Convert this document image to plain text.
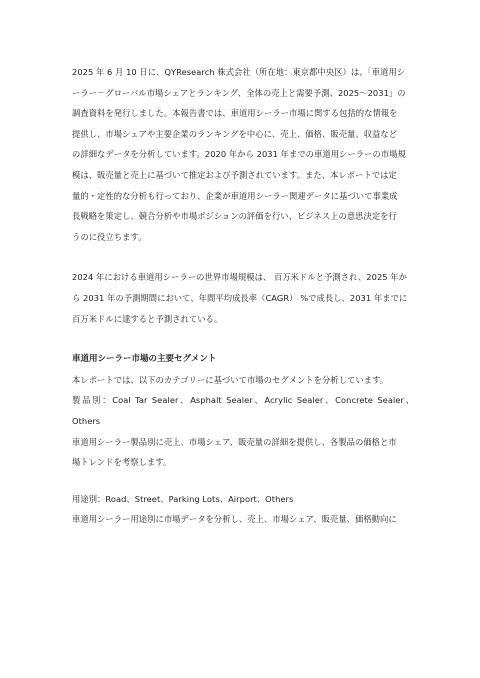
2025 年 6 月 10 日に、QYResearch 株式会社（所在地：東京都中央区）は、「車道用シ

ーラー－グローバル市場シェアとランキング、全体の売上と需要予測、2025～2031」の

調査資料を発行しました。本報告書では、車道用シーラー市場に関する包括的な情報を

提供し、市場シェアや主要企業のランキングを中心に、売上、価格、販売量、収益など

の詳細なデータを分析しています。2020 年から 2031 年までの車道用シーラーの市場規

模は、販売量と売上に基づいて推定および予測されています。また、本レポートでは定

量的・定性的な分析も行っており、企業が車道用シーラー関連データに基づいて事業成

長戦略を策定し、競合分析や市場ポジションの評価を行い、ビジネス上の意思決定を行

うのに役立ちます。

2024 年における車道用シーラーの世界市場規模は、 百万米ドルと予測され、2025 年か

ら 2031 年の予測期間において、年間平均成長率（CAGR） %で成長し、2031 年までに

百万米ドルに達すると予測されている。

車道用シーラー市場の主要セグメント

本レポートでは、以下のカテゴリーに基づいて市場のセグメントを分析しています。

製品別：Coal Tar Sealer、Asphalt Sealer、Acrylic Sealer、Concrete Sealer、Others

車道用シーラー製品別に売上、市場シェア、販売量の詳細を提供し、各製品の価格と市

場トレンドを考察します。

用途別：Road、Street、Parking Lots、Airport、Others

車道用シーラー用途別に市場データを分析し、売上、市場シェア、販売量、価格動向に
